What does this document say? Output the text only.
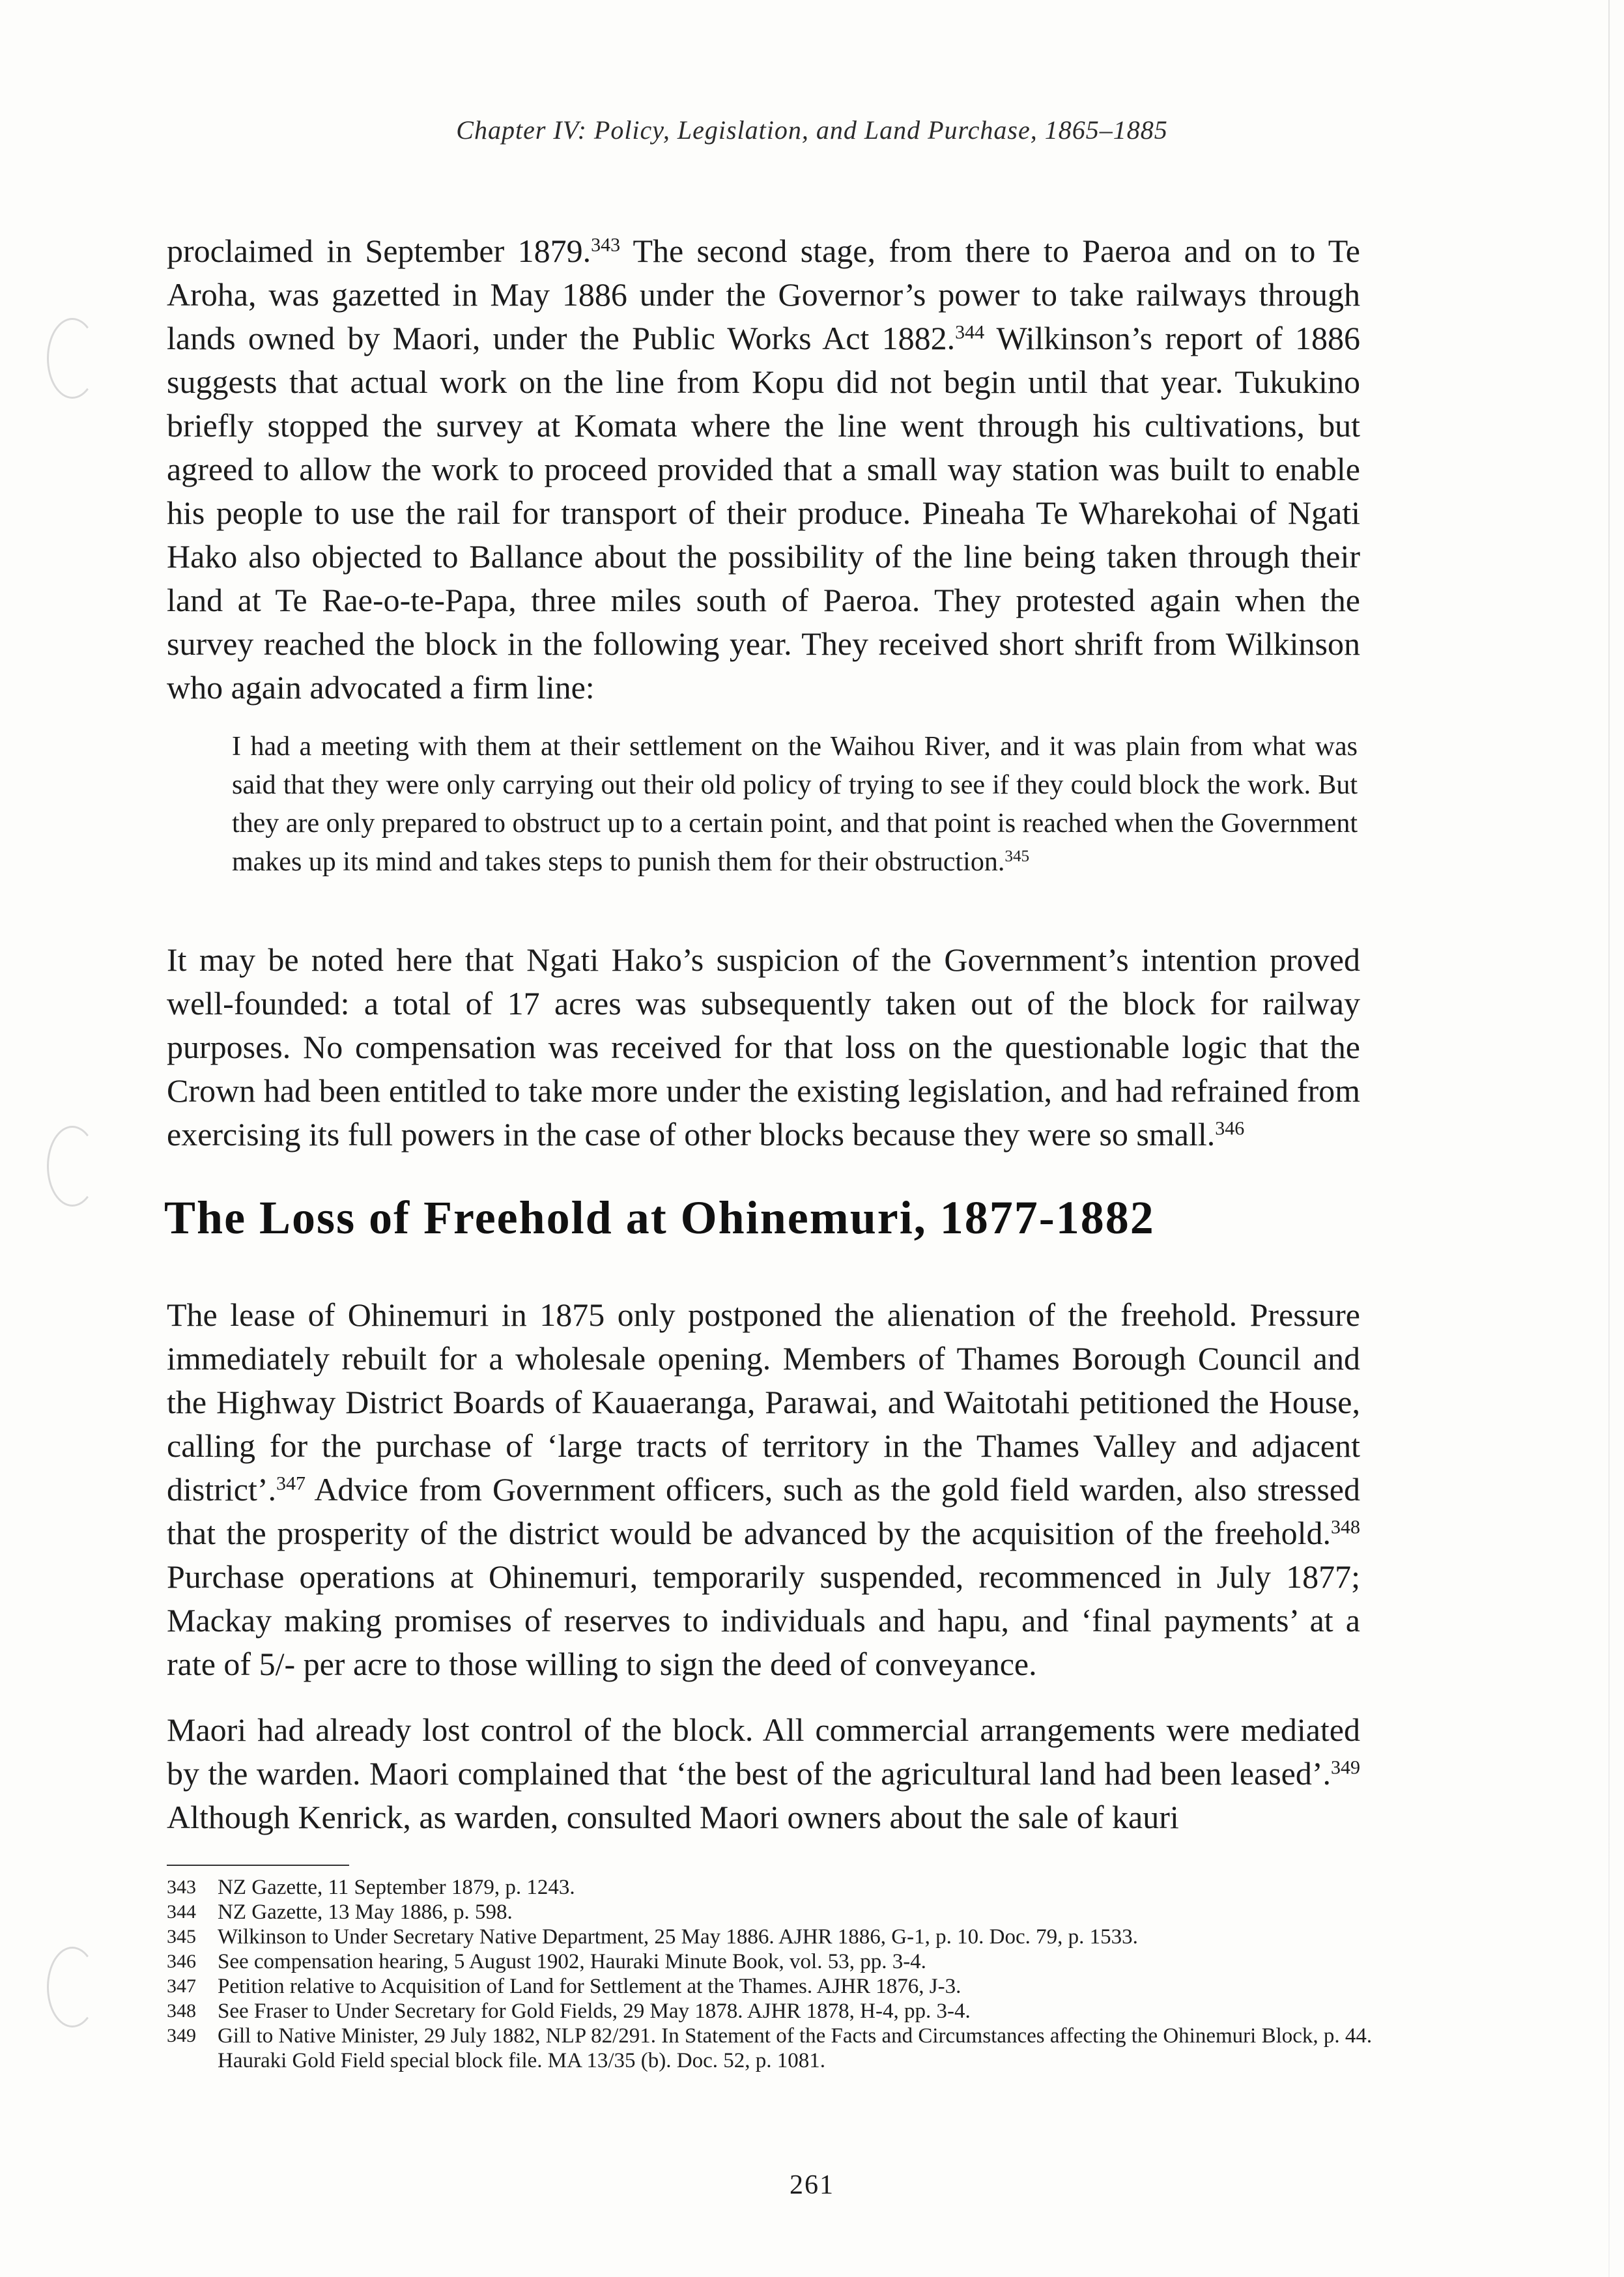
Chapter IV: Policy, Legislation, and Land Purchase, 1865–1885

proclaimed in September 1879.$^{343}$ The second stage, from there to Paeroa and on to Te Aroha, was gazetted in May 1886 under the Governor’s power to take railways through lands owned by Maori, under the Public Works Act 1882.$^{344}$ Wilkinson’s report of 1886 suggests that actual work on the line from Kopu did not begin until that year. Tukukino briefly stopped the survey at Komata where the line went through his cultivations, but agreed to allow the work to proceed provided that a small way station was built to enable his people to use the rail for transport of their produce. Pineaha Te Wharekohai of Ngati Hako also objected to Ballance about the possibility of the line being taken through their land at Te Rae-o-te-Papa, three miles south of Paeroa. They protested again when the survey reached the block in the following year. They received short shrift from Wilkinson who again advocated a firm line:

I had a meeting with them at their settlement on the Waihou River, and it was plain from what was said that they were only carrying out their old policy of trying to see if they could block the work. But they are only prepared to obstruct up to a certain point, and that point is reached when the Government makes up its mind and takes steps to punish them for their obstruction.$^{345}$

It may be noted here that Ngati Hako’s suspicion of the Government’s intention proved well-founded: a total of 17 acres was subsequently taken out of the block for railway purposes. No compensation was received for that loss on the questionable logic that the Crown had been entitled to take more under the existing legislation, and had refrained from exercising its full powers in the case of other blocks because they were so small.$^{346}$

The Loss of Freehold at Ohinemuri, 1877-1882

The lease of Ohinemuri in 1875 only postponed the alienation of the freehold. Pressure immediately rebuilt for a wholesale opening. Members of Thames Borough Council and the Highway District Boards of Kauaeranga, Parawai, and Waitotahi petitioned the House, calling for the purchase of ‘large tracts of territory in the Thames Valley and adjacent district’.$^{347}$ Advice from Government officers, such as the gold field warden, also stressed that the prosperity of the district would be advanced by the acquisition of the freehold.$^{348}$ Purchase operations at Ohinemuri, temporarily suspended, recommenced in July 1877; Mackay making promises of reserves to individuals and hapu, and ‘final payments’ at a rate of 5/- per acre to those willing to sign the deed of conveyance.

Maori had already lost control of the block. All commercial arrangements were mediated by the warden. Maori complained that ‘the best of the agricultural land had been leased’.$^{349}$ Although Kenrick, as warden, consulted Maori owners about the sale of kauri

343	NZ Gazette, 11 September 1879, p. 1243.
344	NZ Gazette, 13 May 1886, p. 598.
345	Wilkinson to Under Secretary Native Department, 25 May 1886. AJHR 1886, G-1, p. 10. Doc. 79, p. 1533.
346	See compensation hearing, 5 August 1902, Hauraki Minute Book, vol. 53, pp. 3-4.
347	Petition relative to Acquisition of Land for Settlement at the Thames. AJHR 1876, J-3.
348	See Fraser to Under Secretary for Gold Fields, 29 May 1878. AJHR 1878, H-4, pp. 3-4.
349	Gill to Native Minister, 29 July 1882, NLP 82/291. In Statement of the Facts and Circumstances affecting the Ohinemuri Block, p. 44. Hauraki Gold Field special block file. MA 13/35 (b). Doc. 52, p. 1081.
261
